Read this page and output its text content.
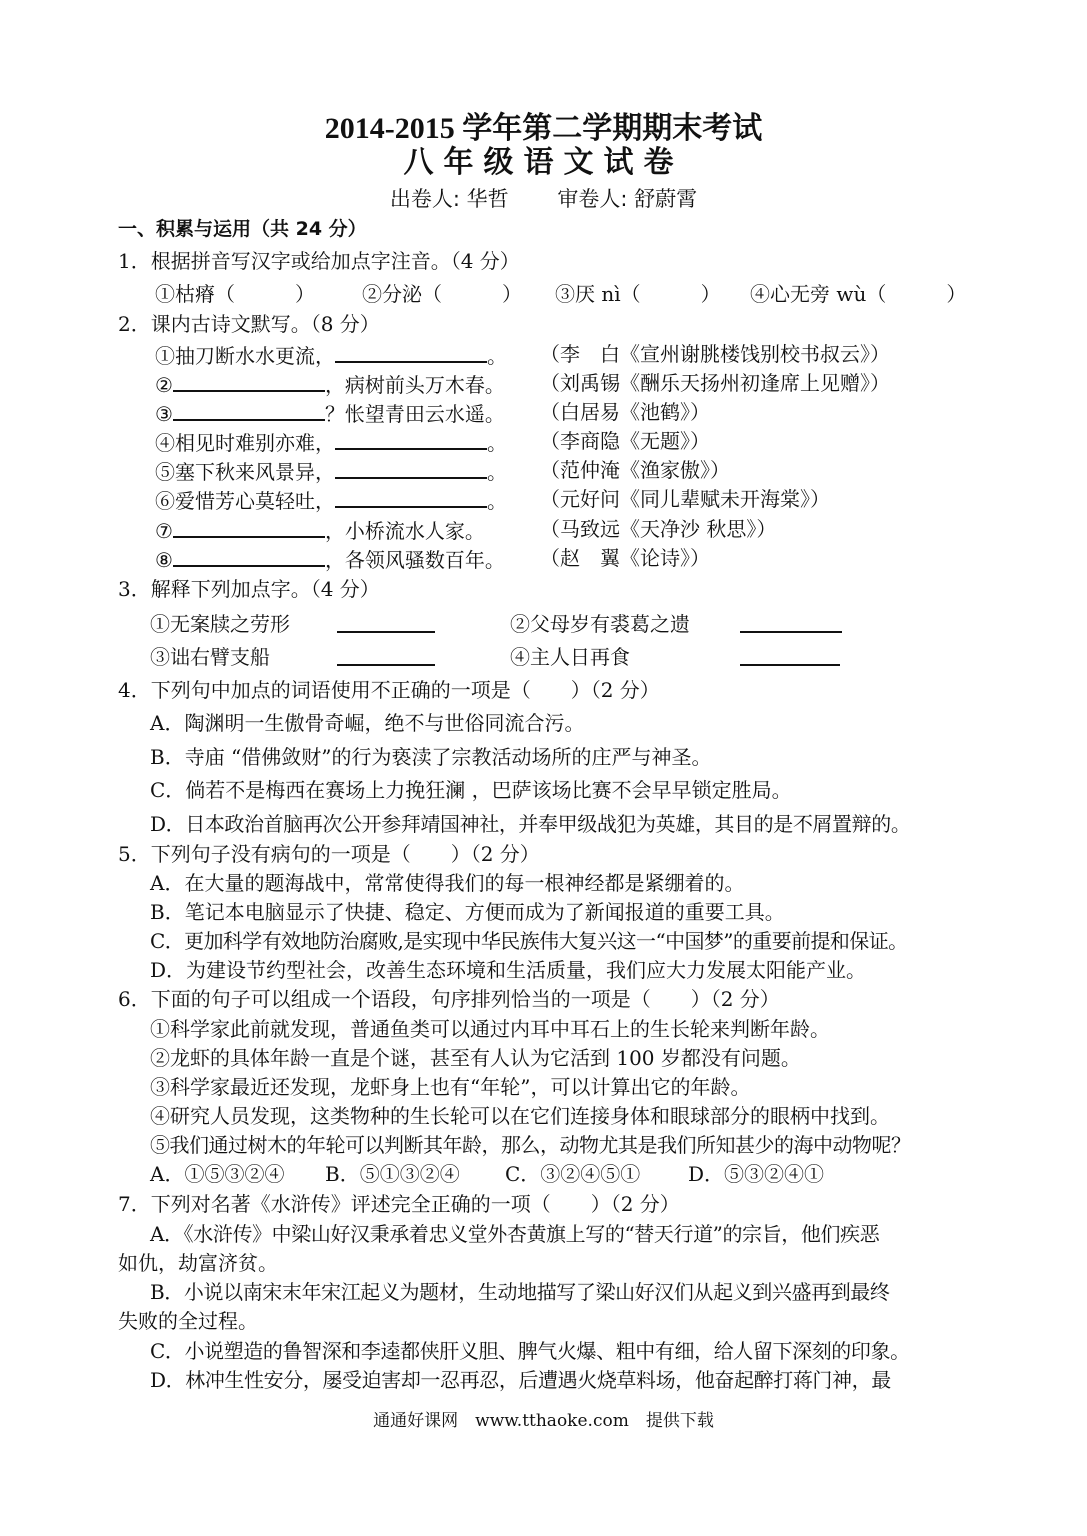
2014-2015 学年第二学期期末考试
八年级语文试卷
出卷人: 华哲　　 审卷人: 舒蔚霄
一、积累与运用（共 24 分）
1．根据拼音写汉字或给加点字注音。（4 分）
①枯瘠（　　　） ②分泌（　　　） ③厌 nì（　　　） ④心无旁 wù（　　　）
2．课内古诗文默写。（8 分）
①抽刀断水水更流，	。 （李　白《宣州谢朓楼饯别校书叔云》）
②	，病树前头万木春。 （刘禹锡《酬乐天扬州初逢席上见赠》）
③	？怅望青田云水遥。 （白居易《池鹤》）
④相见时难别亦难，	。 （李商隐《无题》）
⑤塞下秋来风景异，	。 （范仲淹《渔家傲》）
⑥爱惜芳心莫轻吐，	。 （元好问《同儿辈赋未开海棠》）
⑦	，小桥流水人家。	（马致远《天净沙 秋思》）
⑧	，各领风骚数百年。 （赵　翼《论诗》）
3．解释下列加点字。（4 分）
①无案牍之劳形	②父母岁有裘葛之遗
③诎右臂支船	④主人日再食
4．下列句中加点的词语使用不正确的一项是（　　）（2 分）
A．陶渊明一生傲骨奇崛，绝不与世俗同流合污。
B．寺庙 “借佛敛财”的行为亵渎了宗教活动场所的庄严与神圣。
C．倘若不是梅西在赛场上力挽狂澜 ，巴萨该场比赛不会早早锁定胜局。
D．日本政治首脑再次公开参拜靖国神社，并奉甲级战犯为英雄，其目的是不屑置辩的。
5．下列句子没有病句的一项是（　　）（2 分）
A．在大量的题海战中，常常使得我们的每一根神经都是紧绷着的。
B．笔记本电脑显示了快捷、稳定、方便而成为了新闻报道的重要工具。
C．更加科学有效地防治腐败,是实现中华民族伟大复兴这一“中国梦”的重要前提和保证。
D．为建设节约型社会，改善生态环境和生活质量，我们应大力发展太阳能产业。
6．下面的句子可以组成一个语段，句序排列恰当的一项是（　　）（2 分）
①科学家此前就发现，普通鱼类可以通过内耳中耳石上的生长轮来判断年龄。
②龙虾的具体年龄一直是个谜，甚至有人认为它活到 100 岁都没有问题。
③科学家最近还发现，龙虾身上也有“年轮”，可以计算出它的年龄。
④研究人员发现，这类物种的生长轮可以在它们连接身体和眼球部分的眼柄中找到。
⑤我们通过树木的年轮可以判断其年龄，那么，动物尤其是我们所知甚少的海中动物呢？
A．①⑤③②④ B．⑤①③②④ C．③②④⑤① D．⑤③②④①
7．下列对名著《水浒传》评述完全正确的一项（　　）（2 分）
A．《水浒传》中梁山好汉秉承着忠义堂外杏黄旗上写的“替天行道”的宗旨，他们疾恶
如仇，劫富济贫。
B．小说以南宋末年宋江起义为题材，生动地描写了梁山好汉们从起义到兴盛再到最终
失败的全过程。
C．小说塑造的鲁智深和李逵都侠肝义胆、脾气火爆、粗中有细，给人留下深刻的印象。
D．林冲生性安分，屡受迫害却一忍再忍，后遭遇火烧草料场，他奋起醉打蒋门神，最
通通好课网　www.tthaoke.com　提供下载
